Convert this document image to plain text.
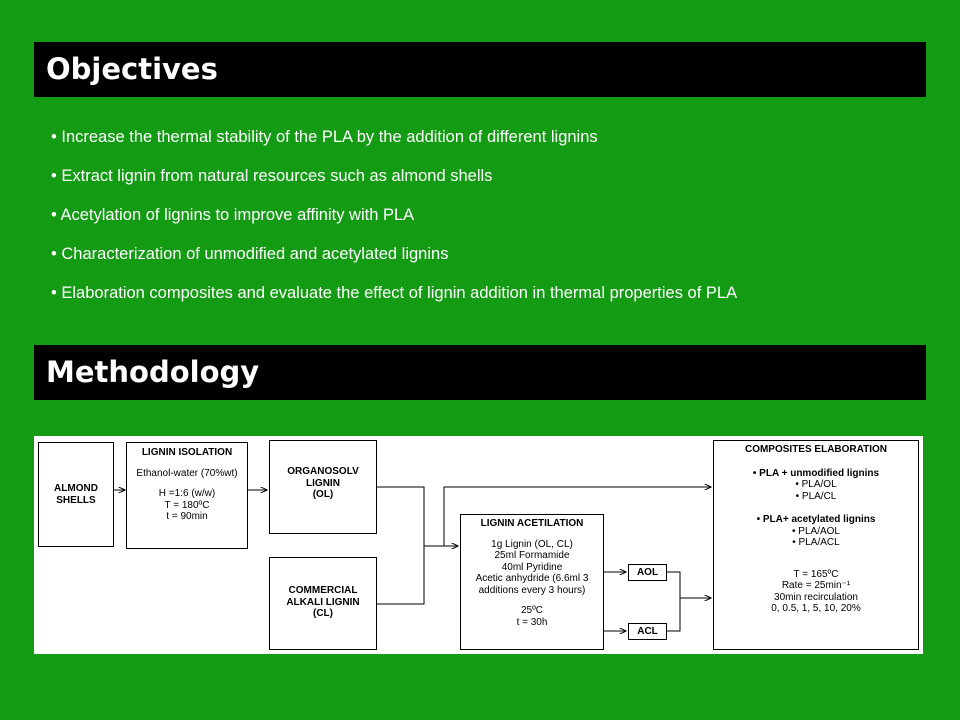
Objectives
• Increase the thermal stability of the PLA by the addition of different lignins
• Extract lignin from natural resources such as almond shells
• Acetylation of lignins to improve affinity with PLA
• Characterization of unmodified and acetylated lignins
• Elaboration composites and evaluate the effect of lignin addition in thermal properties of PLA
Methodology
ALMOND
SHELLS
LIGNIN ISOLATION
Ethanol-water (70%wt)
H =1:6 (w/w)
T = 180ºC
t = 90min
ORGANOSOLV
LIGNIN
(OL)
COMMERCIAL
ALKALI LIGNIN
(CL)
LIGNIN ACETILATION
1g Lignin (OL, CL)
25ml Formamide
40ml Pyridine
Acetic anhydride (6.6ml 3
additions every 3 hours)
25ºC
t = 30h
AOL
ACL
COMPOSITES ELABORATION
• PLA + unmodified lignins
• PLA/OL
• PLA/CL
• PLA+ acetylated lignins
• PLA/AOL
• PLA/ACL
T = 165ºC
Rate = 25min⁻¹
30min recirculation
0, 0.5, 1, 5, 10, 20%
